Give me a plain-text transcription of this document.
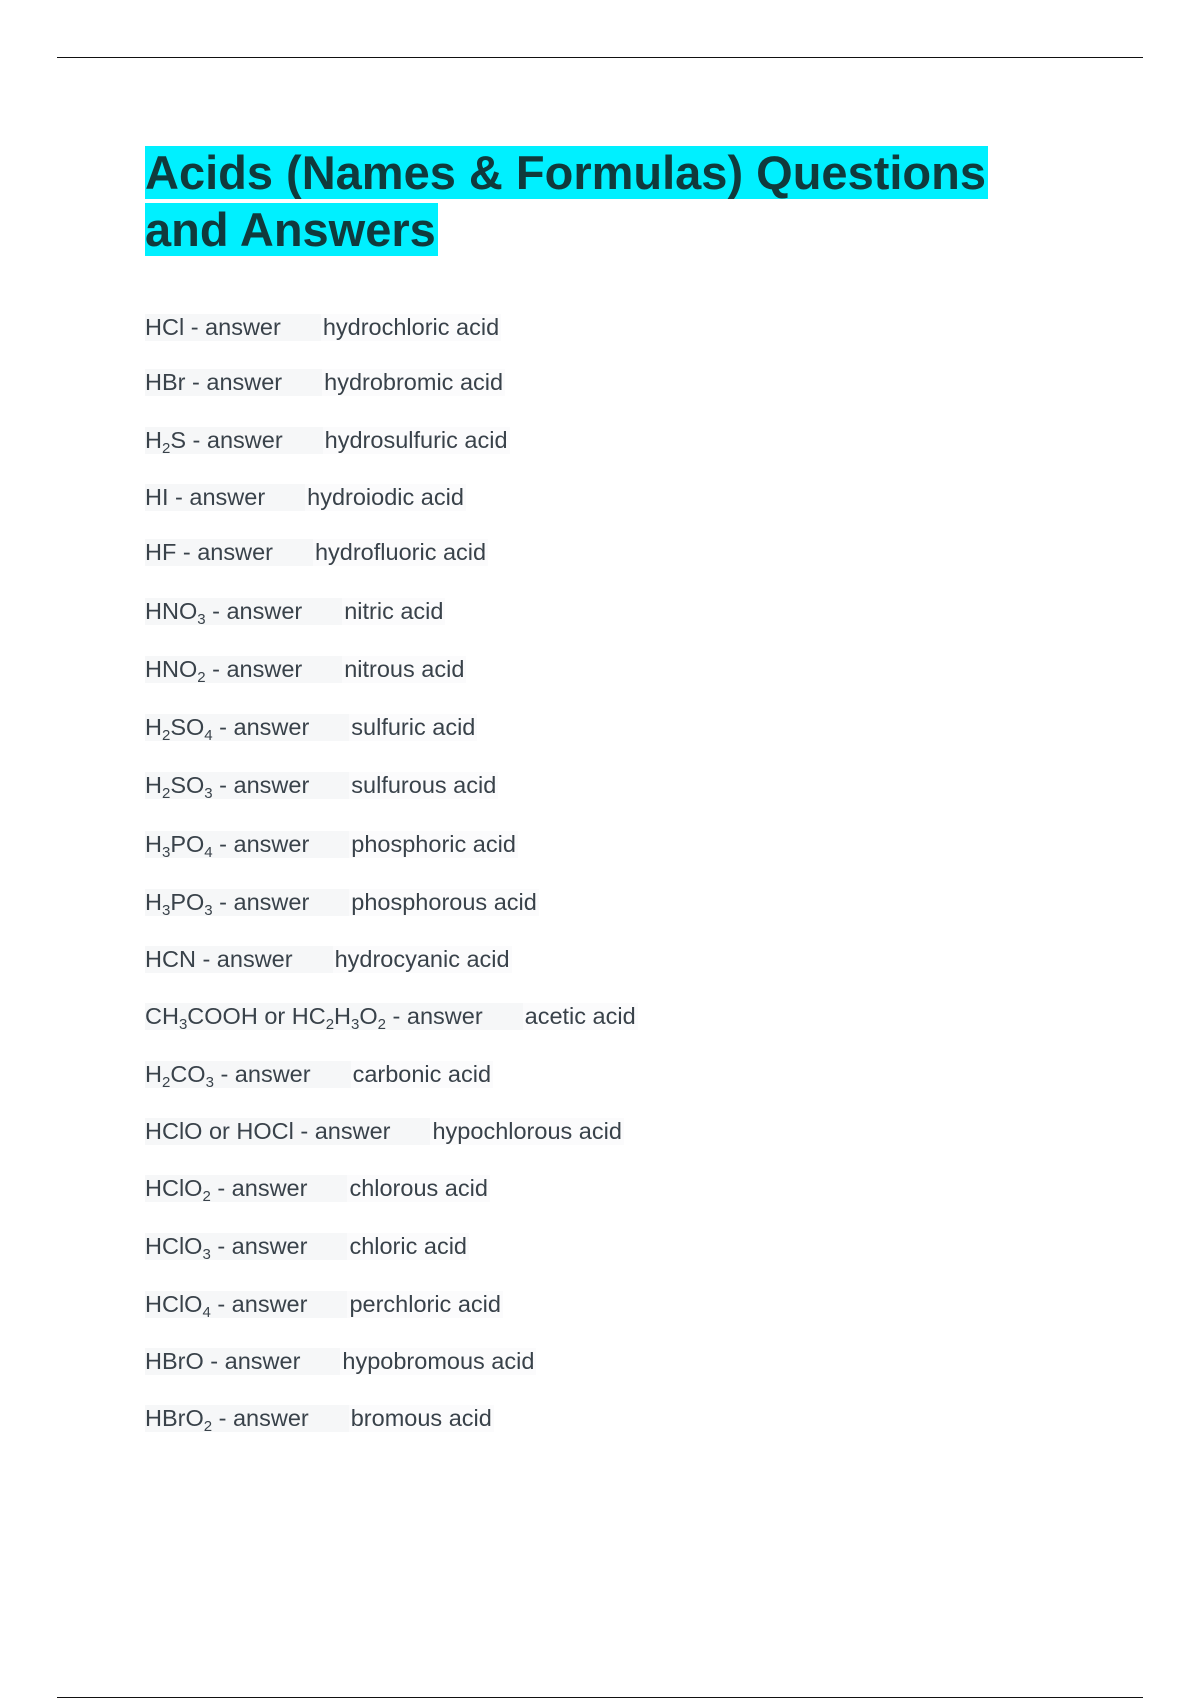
Acids (Names & Formulas) Questions and Answers
HCl - answer	hydrochloric acid
HBr - answer	hydrobromic acid
$H_2S$ - answer	hydrosulfuric acid
HI - answer	hydroiodic acid
HF - answer	hydrofluoric acid
$HNO_3$ - answer	nitric acid
$HNO_2$ - answer	nitrous acid
$H_2SO_4$ - answer	sulfuric acid
$H_2SO_3$ - answer	sulfurous acid
$H_3PO_4$ - answer	phosphoric acid
$H_3PO_3$ - answer	phosphorous acid
HCN - answer	hydrocyanic acid
$CH_3COOH$ or $HC_2H_3O_2$ - answer	acetic acid
$H_2CO_3$ - answer	carbonic acid
HClO or HOCl - answer	hypochlorous acid
HClO$_2$ - answer	chlorous acid
HClO$_3$ - answer	chloric acid
HClO$_4$ - answer	perchloric acid
HBrO - answer	hypobromous acid
HBrO$_2$ - answer	bromous acid
